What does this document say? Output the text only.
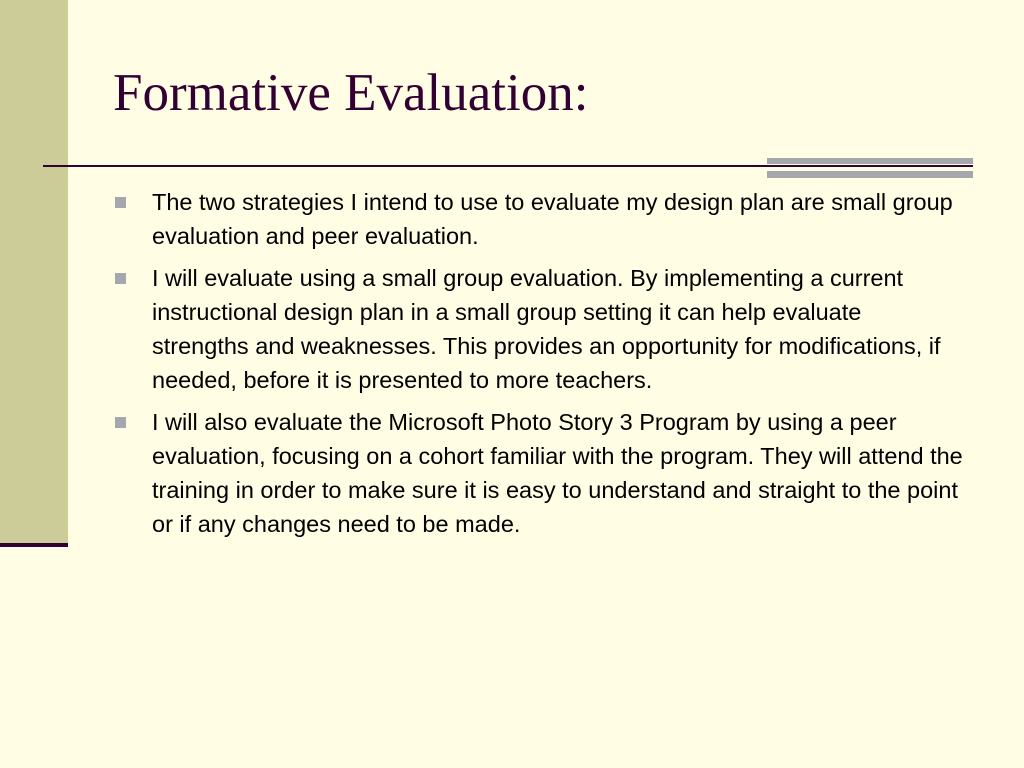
Formative Evaluation:
The two strategies I intend to use to evaluate my design plan are small group evaluation and peer evaluation.
I will evaluate using a small group evaluation. By implementing a current instructional design plan in a small group setting it can help evaluate strengths and weaknesses. This provides an opportunity for modifications, if needed, before it is presented to more teachers.
I will also evaluate the Microsoft Photo Story 3 Program by using a peer evaluation, focusing on a cohort familiar with the program. They will attend the training in order to make sure it is easy to understand and straight to the point or if any changes need to be made.
